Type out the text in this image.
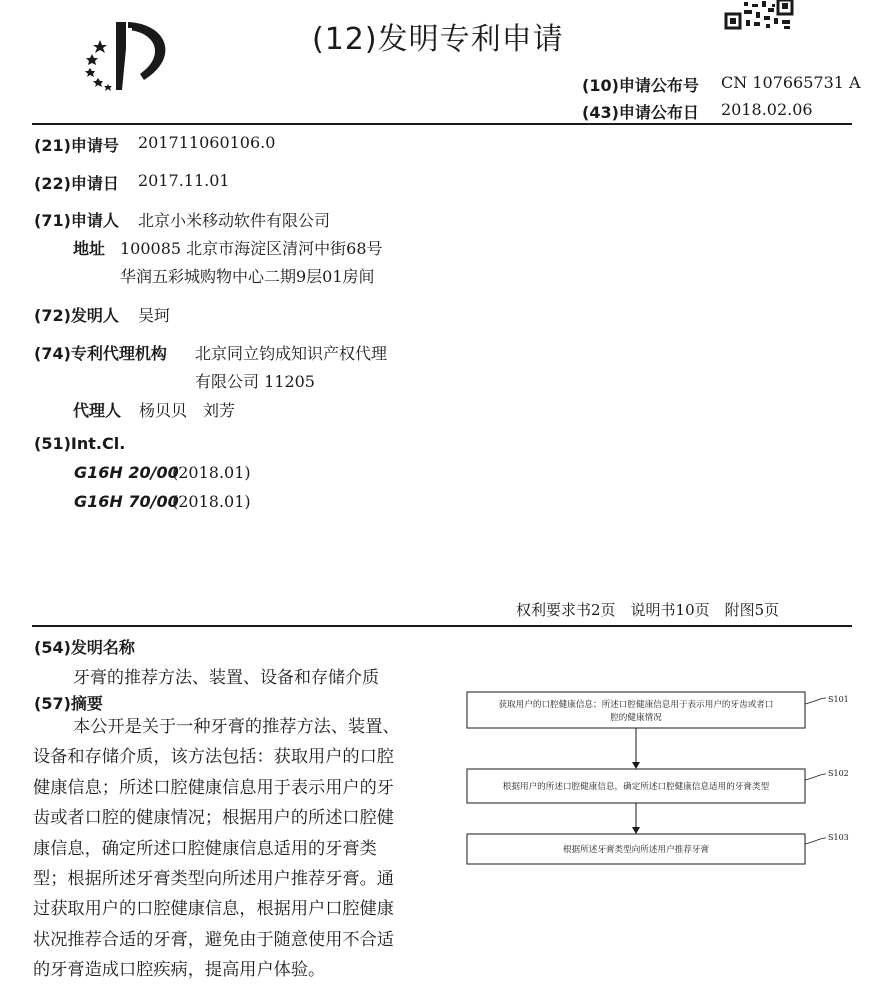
(12)发明专利申请
(10)申请公布号 CN 107665731 A
(43)申请公布日 2018.02.06
(21)申请号 201711060106.0
(22)申请日 2017.11.01
(71)申请人 北京小米移动软件有限公司
地址 100085 北京市海淀区清河中街68号
华润五彩城购物中心二期9层01房间
(72)发明人 吴珂
(74)专利代理机构 北京同立钧成知识产权代理
有限公司 11205
代理人 杨贝贝　刘芳
(51)Int.Cl.
G16H 20/00
(2018.01)
G16H 70/00
(2018.01)
权利要求书2页　说明书10页　附图5页
(54)发明名称
牙膏的推荐方法、装置、设备和存储介质
(57)摘要
本公开是关于一种牙膏的推荐方法、装置、
设备和存储介质，该方法包括：获取用户的口腔
健康信息；所述口腔健康信息用于表示用户的牙
齿或者口腔的健康情况；根据用户的所述口腔健
康信息，确定所述口腔健康信息适用的牙膏类
型；根据所述牙膏类型向所述用户推荐牙膏。通
过获取用户的口腔健康信息，根据用户口腔健康
状况推荐合适的牙膏，避免由于随意使用不合适
的牙膏造成口腔疾病，提高用户体验。
获取用户的口腔健康信息；所述口腔健康信息用于表示用户的牙齿或者口
腔的健康情况
S101
根据用户的所述口腔健康信息，确定所述口腔健康信息适用的牙膏类型
S102
根据所述牙膏类型向所述用户推荐牙膏
S103
